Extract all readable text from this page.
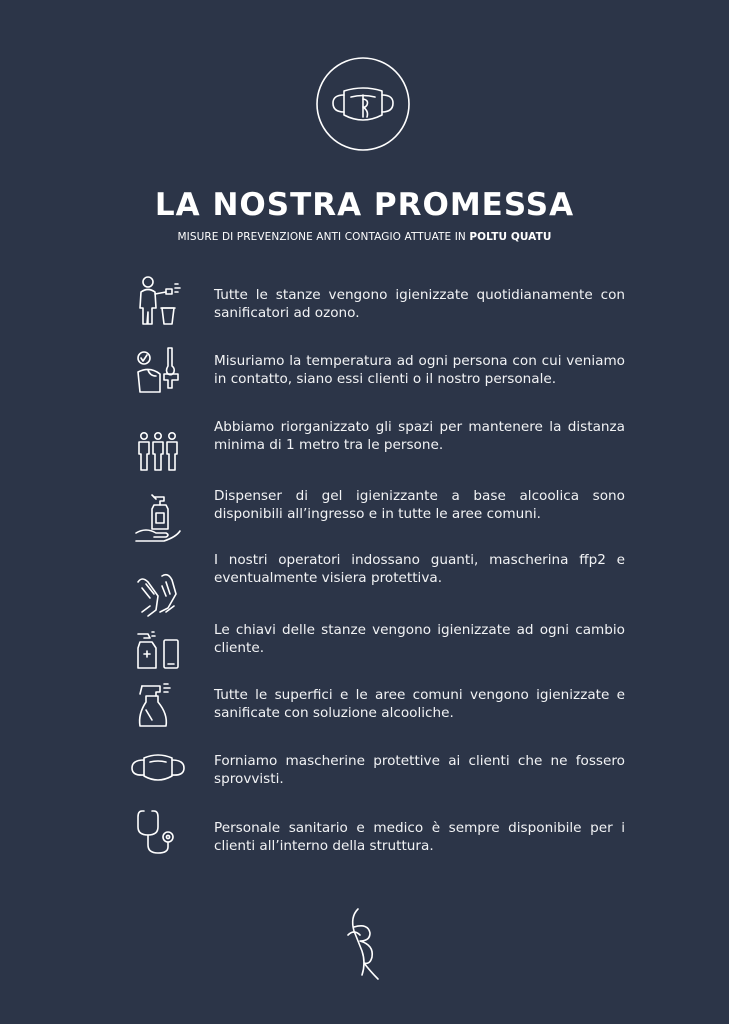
LA NOSTRA PROMESSA
MISURE DI PREVENZIONE ANTI CONTAGIO ATTUATE IN POLTU QUATU
Tutte le stanze vengono igienizzate quotidianamente con sanificatori ad ozono.
Misuriamo la temperatura ad ogni persona con cui veniamo in contatto, siano essi clienti o il nostro personale.
Abbiamo riorganizzato gli spazi per mantenere la distanza minima di 1 metro tra le persone.
Dispenser di gel igienizzante a base alcoolica sono disponibili all’ingresso e in tutte le aree comuni.
I nostri operatori indossano guanti, mascherina ffp2 e eventualmente visiera protettiva.
Le chiavi delle stanze vengono igienizzate ad ogni cambio cliente.
Tutte le superfici e le aree comuni vengono igienizzate e sanificate con soluzione alcooliche.
Forniamo mascherine protettive ai clienti che ne fossero sprovvisti.
Personale sanitario e medico è sempre disponibile per i clienti all’interno della struttura.
